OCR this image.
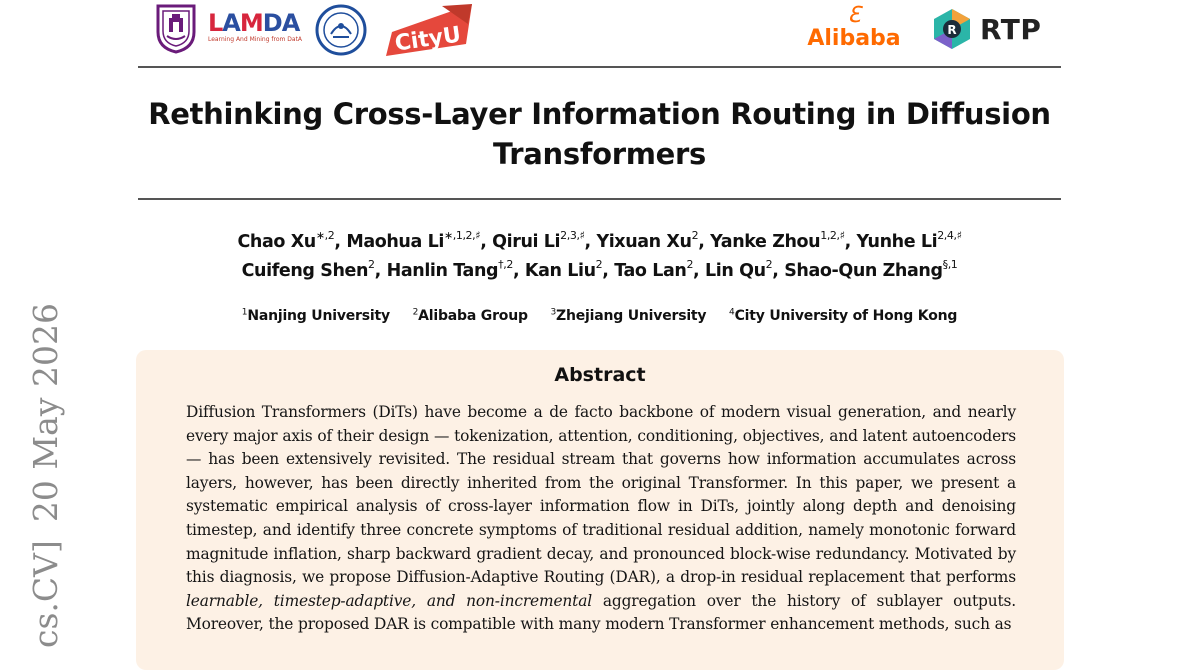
LAMDA
Learning And Mining from DatA	CityU
ℇ
Alibaba	R RTP
Rethinking Cross-Layer Information Routing in Diffusion
Transformers
Chao $Xu^{∗,2}$, Maohua $Li^{∗,1,2,♯}$, Qirui $Li^{2,3,♯}$, Yixuan Xu$^2$, Yanke Zhou$^{1,2,♯}$, Yunhe $Li^{2,4,♯}$
Cuifeng Shen$^2$, Hanlin Tang$^{\dagger,2}$, Kan Liu$^2$, Tao Lan$^2$, Lin Qu$^2$, Shao-Qun Zhang$^{\S,1}$
$^1$Nanjing University	$^2$Alibaba Group	$^3$Zhejiang University	$^4$City University of Hong Kong
cs.CV]20 May 2026	Abstract

Diffusion Transformers (DiTs) have become a de facto backbone of modern visual generation, and nearly every major axis of their design — tokenization, attention, conditioning, objectives, and latent autoencoders — has been extensively revisited. The residual stream that governs how information accumulates across layers, however, has been directly inherited from the original Transformer. In this paper, we present a systematic empirical analysis of cross-layer information flow in DiTs, jointly along depth and denoising timestep, and identify three concrete symptoms of traditional residual addition, namely monotonic forward magnitude inflation, sharp backward gradient decay, and pronounced block-wise redundancy. Motivated by this diagnosis, we propose Diffusion-Adaptive Routing (DAR), a drop-in residual replacement that performs learnable, timestep-adaptive, and non-incremental aggregation over the history of sublayer outputs. Moreover, the proposed DAR is compatible with many modern Transformer enhancement methods, such as
